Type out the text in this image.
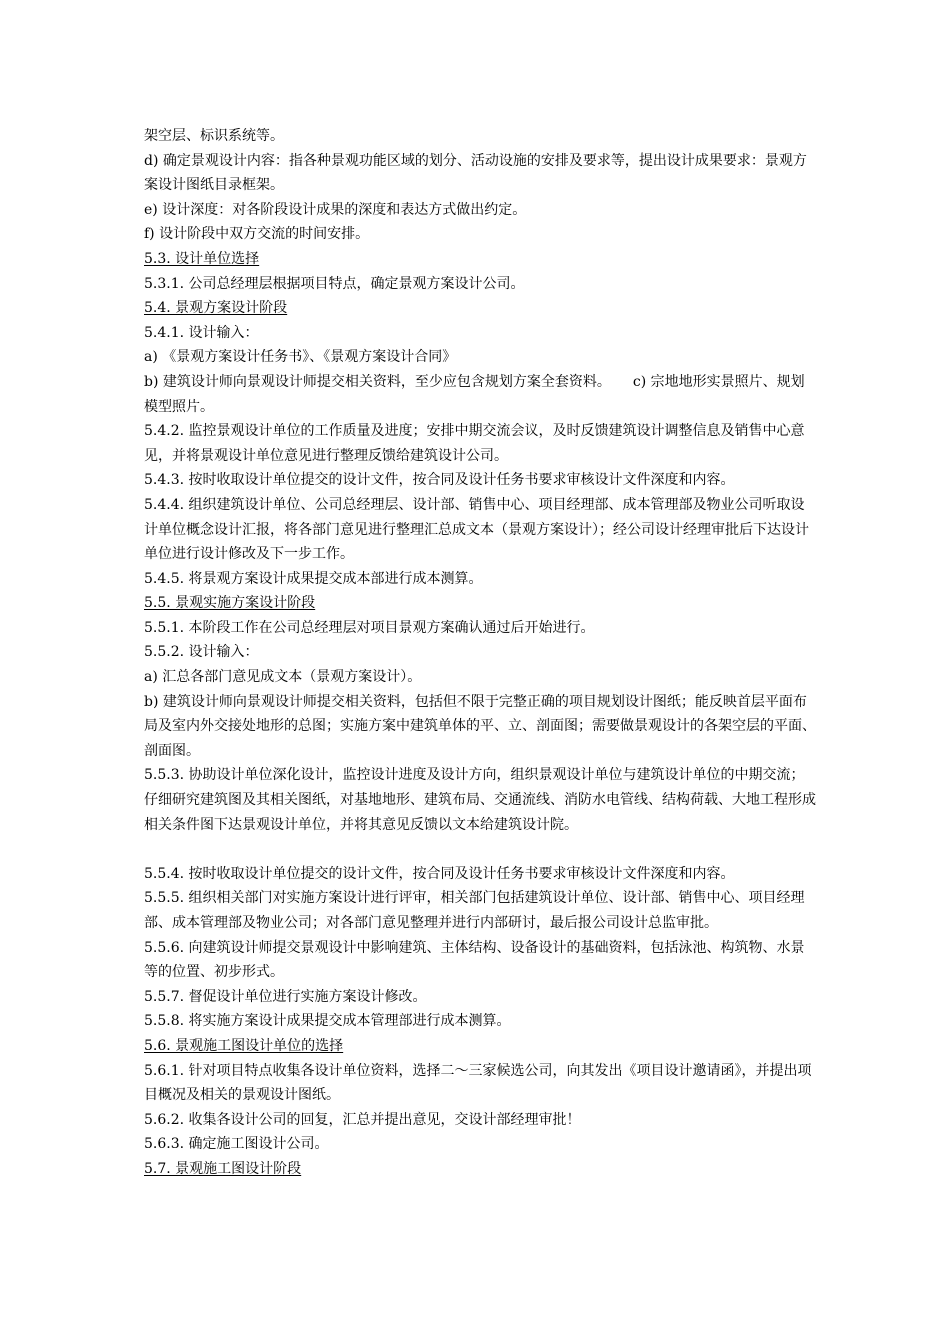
架空层、标识系统等。

d) 确定景观设计内容：指各种景观功能区域的划分、活动设施的安排及要求等，提出设计成果要求：景观方案设计图纸目录框架。

e) 设计深度：对各阶段设计成果的深度和表达方式做出约定。

f) 设计阶段中双方交流的时间安排。

5.3. 设计单位选择

5.3.1. 公司总经理层根据项目特点，确定景观方案设计公司。

5.4. 景观方案设计阶段

5.4.1. 设计输入：

a) 《景观方案设计任务书》、《景观方案设计合同》

b) 建筑设计师向景观设计师提交相关资料，至少应包含规划方案全套资料。 c) 宗地地形实景照片、规划模型照片。

5.4.2. 监控景观设计单位的工作质量及进度；安排中期交流会议，及时反馈建筑设计调整信息及销售中心意见，并将景观设计单位意见进行整理反馈给建筑设计公司。

5.4.3. 按时收取设计单位提交的设计文件，按合同及设计任务书要求审核设计文件深度和内容。

5.4.4. 组织建筑设计单位、公司总经理层、设计部、销售中心、项目经理部、成本管理部及物业公司听取设计单位概念设计汇报，将各部门意见进行整理汇总成文本（景观方案设计）；经公司设计经理审批后下达设计单位进行设计修改及下一步工作。

5.4.5. 将景观方案设计成果提交成本部进行成本测算。

5.5. 景观实施方案设计阶段

5.5.1. 本阶段工作在公司总经理层对项目景观方案确认通过后开始进行。

5.5.2. 设计输入：

a) 汇总各部门意见成文本（景观方案设计）。

b) 建筑设计师向景观设计师提交相关资料，包括但不限于完整正确的项目规划设计图纸；能反映首层平面布局及室内外交接处地形的总图；实施方案中建筑单体的平、立、剖面图；需要做景观设计的各架空层的平面、剖面图。

5.5.3. 协助设计单位深化设计，监控设计进度及设计方向，组织景观设计单位与建筑设计单位的中期交流；仔细研究建筑图及其相关图纸，对基地地形、建筑布局、交通流线、消防水电管线、结构荷载、大地工程形成相关条件图下达景观设计单位，并将其意见反馈以文本给建筑设计院。

5.5.4. 按时收取设计单位提交的设计文件，按合同及设计任务书要求审核设计文件深度和内容。

5.5.5. 组织相关部门对实施方案设计进行评审，相关部门包括建筑设计单位、设计部、销售中心、项目经理部、成本管理部及物业公司；对各部门意见整理并进行内部研讨，最后报公司设计总监审批。

5.5.6. 向建筑设计师提交景观设计中影响建筑、主体结构、设备设计的基础资料，包括泳池、构筑物、水景等的位置、初步形式。

5.5.7. 督促设计单位进行实施方案设计修改。

5.5.8. 将实施方案设计成果提交成本管理部进行成本测算。

5.6. 景观施工图设计单位的选择

5.6.1. 针对项目特点收集各设计单位资料，选择二～三家候选公司，向其发出《项目设计邀请函》，并提出项目概况及相关的景观设计图纸。

5.6.2. 收集各设计公司的回复，汇总并提出意见，交设计部经理审批！

5.6.3. 确定施工图设计公司。

5.7. 景观施工图设计阶段
